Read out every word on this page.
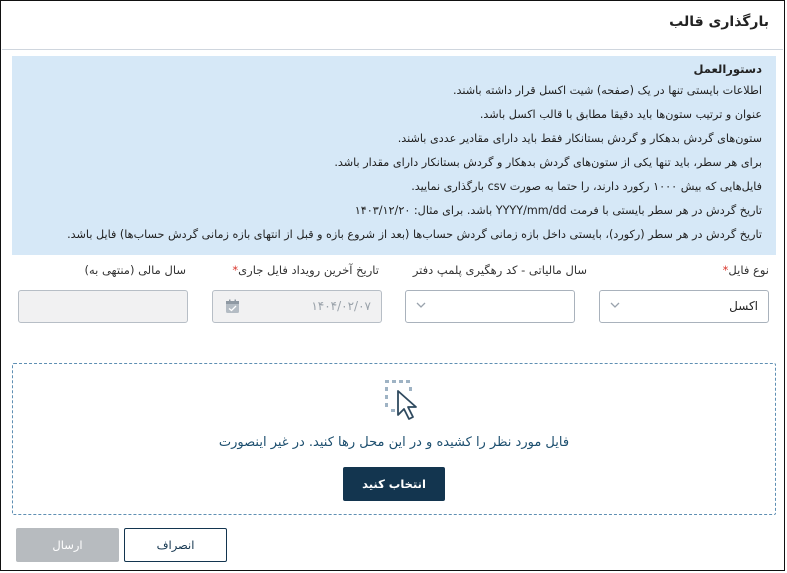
بارگذاری قالب
دستورالعمل
اطلاعات بایستی تنها در یک (صفحه) شیت اکسل قرار داشته باشند.
عنوان و ترتیب ستون‌ها باید دقیقا مطابق با قالب اکسل باشد.
ستون‌های گردش بدهکار و گردش بستانکار فقط باید دارای مقادیر عددی باشند.
برای هر سطر، باید تنها یکی از ستون‌های گردش بدهکار و گردش بستانکار دارای مقدار باشد.
فایل‌هایی که بیش ۱۰۰۰ رکورد دارند، را حتما به صورت csv بارگذاری نمایید.
تاریخ گردش در هر سطر بایستی با فرمت YYYY/mm/dd باشد. برای مثال: ۱۴۰۳/۱۲/۲۰
تاریخ گردش در هر سطر (رکورد)، بایستی داخل بازه زمانی گردش حساب‌ها (بعد از شروع بازه و قبل از انتهای بازه زمانی گردش حساب‌ها) فایل باشد.
نوع فایل*
سال مالیاتی - کد رهگیری پلمپ دفتر
تاریخ آخرین رویداد فایل جاری*
سال مالی (منتهی به)
اکسل
۱۴۰۴/۰۲/۰۷
فایل مورد نظر را کشیده و در این محل رها کنید. در غیر اینصورت
انتخاب کنید
انصراف
ارسال
